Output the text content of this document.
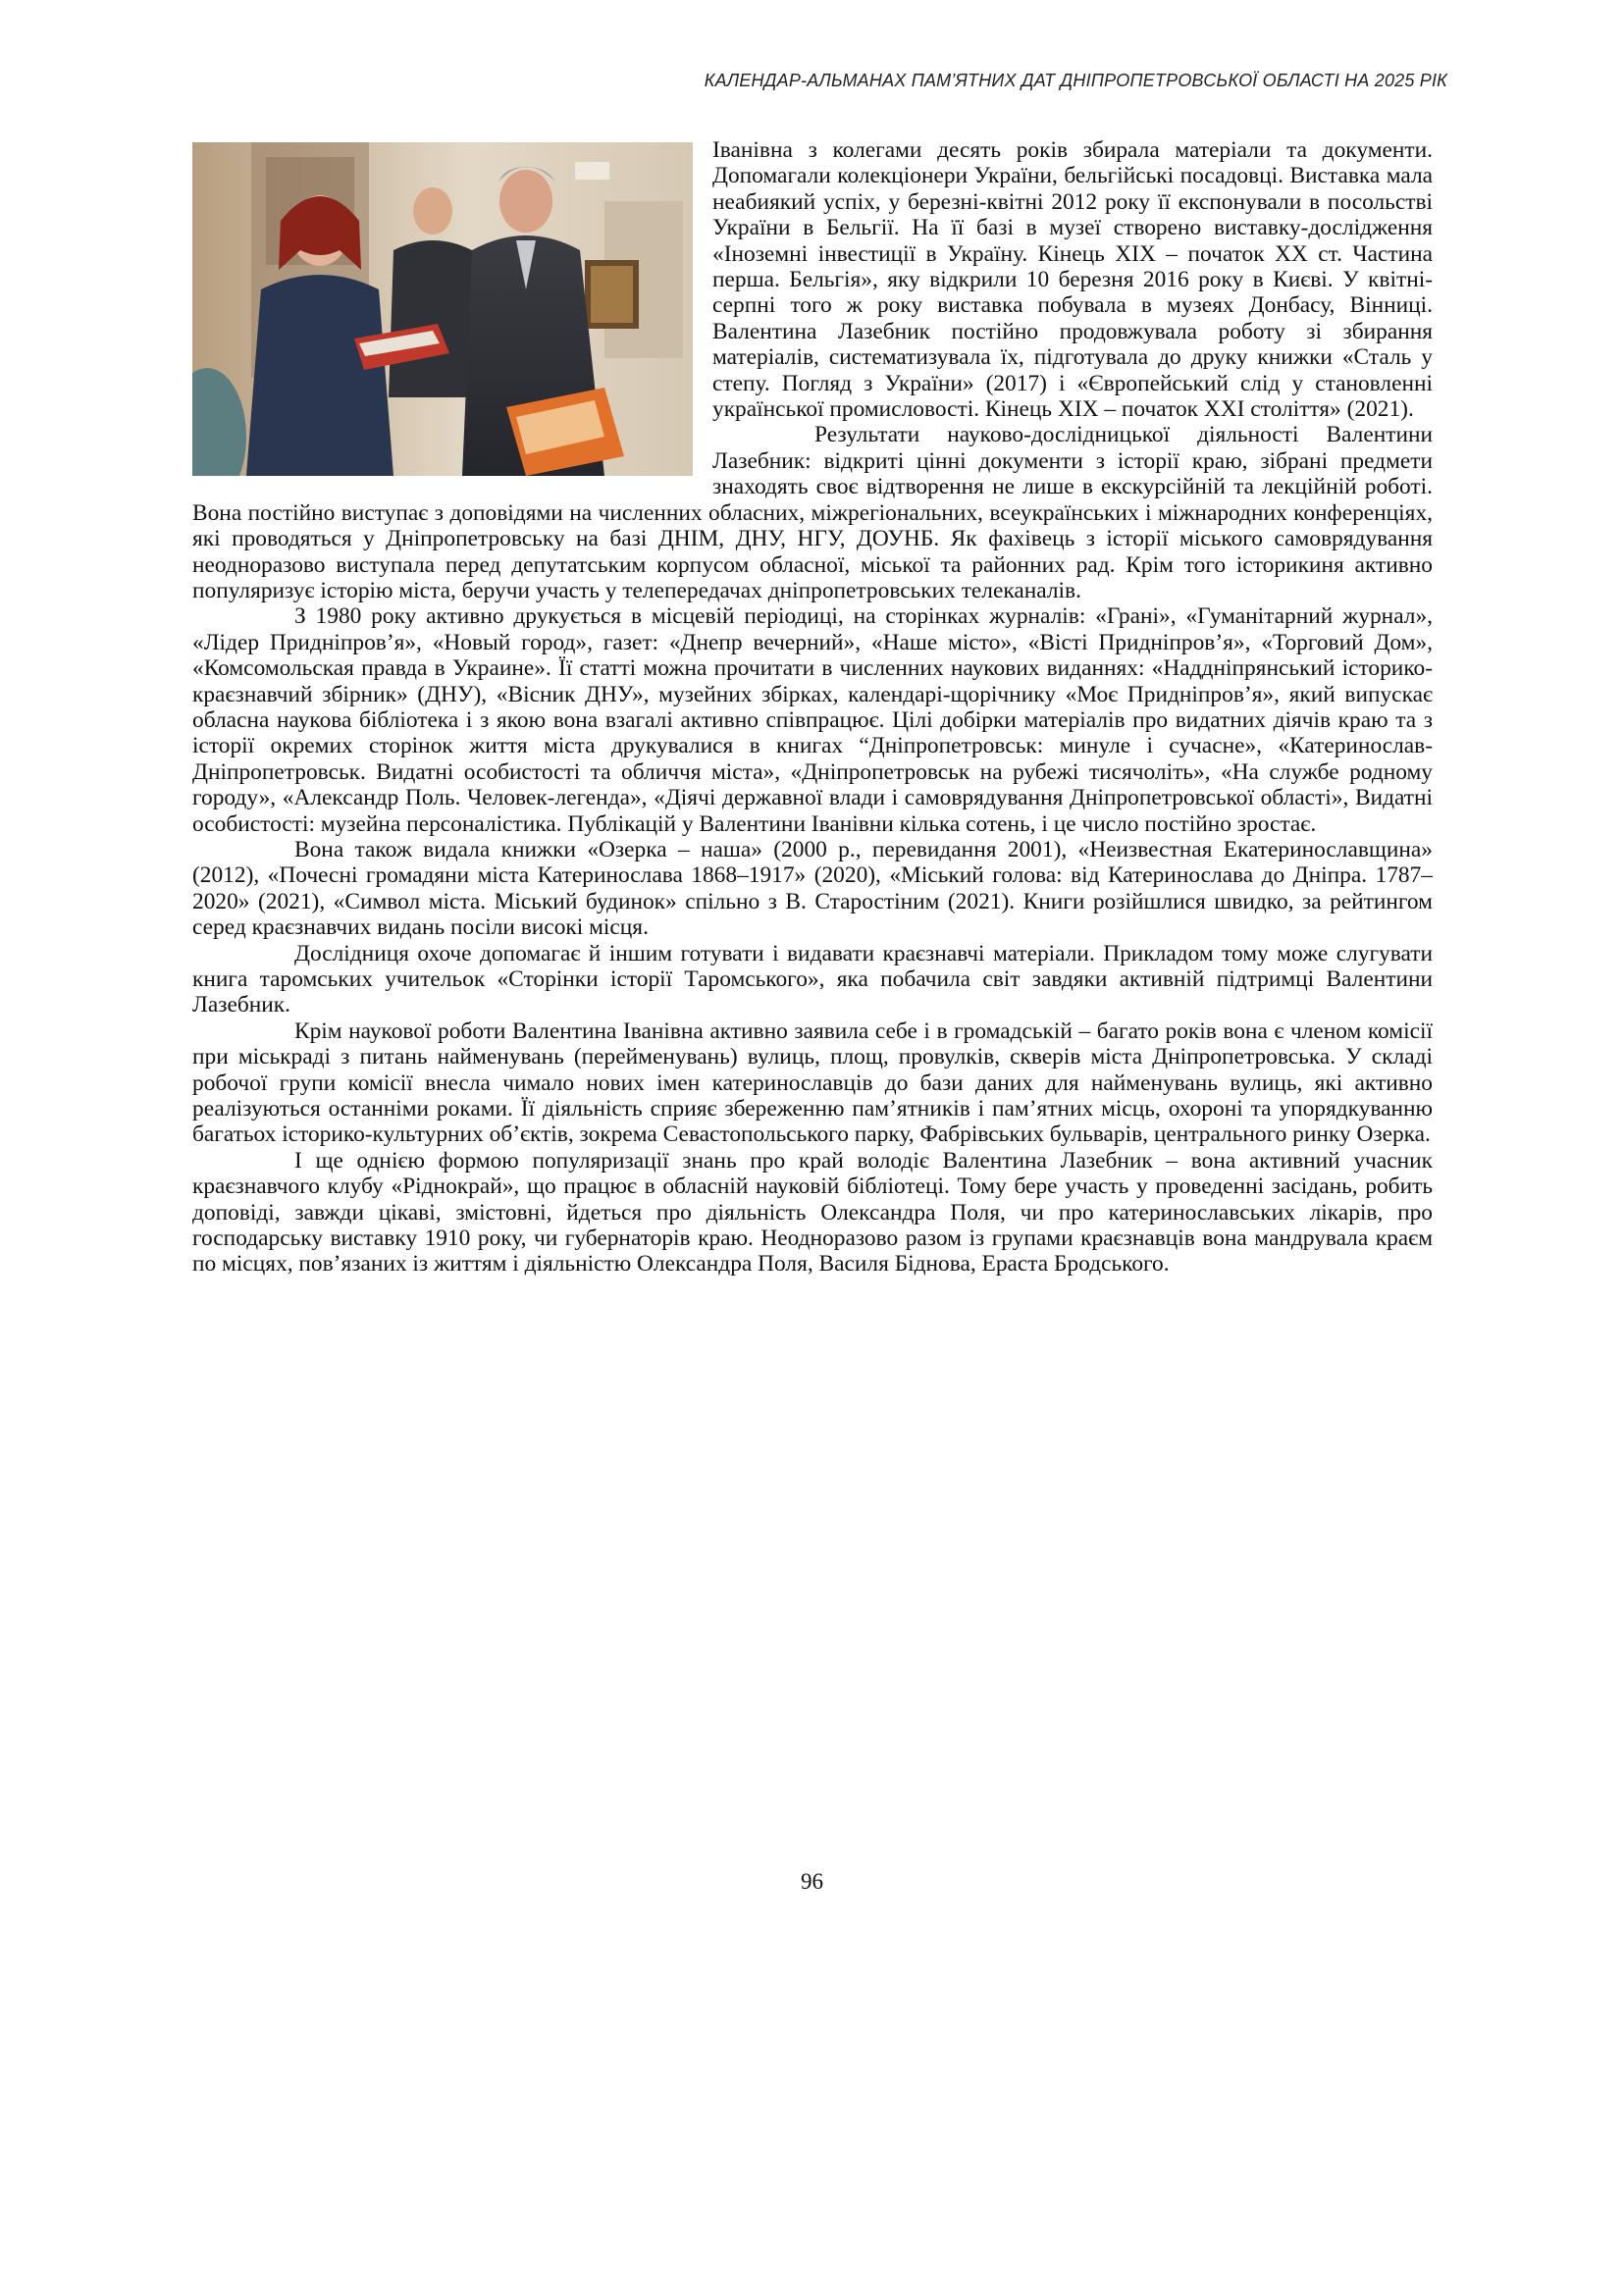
КАЛЕНДАР-АЛЬМАНАХ ПАМ’ЯТНИХ ДАТ ДНІПРОПЕТРОВСЬКОЇ ОБЛАСТІ НА 2025 РІК

Іванівна з колегами десять років збирала матеріали та документи. Допомагали колекціонери України, бельгійські посадовці. Виставка мала неабиякий успіх, у березні-квітні 2012 року її експонували в посольстві України в Бельгії. На її базі в музеї створено виставку-дослідження «Іноземні інвестиції в Україну. Кінець XIX – початок XX ст. Частина перша. Бельгія», яку відкрили 10 березня 2016 року в Києві. У квітні-серпні того ж року виставка побувала в музеях Донбасу, Вінниці. Валентина Лазебник постійно продовжувала роботу зі збирання матеріалів, систематизувала їх, підготувала до друку книжки «Сталь у степу. Погляд з України» (2017) і «Європейський слід у становленні української промисловості. Кінець XIX – початок XXI століття» (2021).

Результати науково-дослідницької діяльності Валентини Лазебник: відкриті цінні документи з історії краю, зібрані предмети знаходять своє відтворення не лише в екскурсійній та лекційній роботі. Вона постійно виступає з доповідями на численних обласних, міжрегіональних, всеукраїнських і міжнародних конференціях, які проводяться у Дніпропетровську на базі ДНІМ, ДНУ, НГУ, ДОУНБ. Як фахівець з історії міського самоврядування неодноразово виступала перед депутатським корпусом обласної, міської та районних рад. Крім того історикиня активно популяризує історію міста, беручи участь у телепередачах дніпропетровських телеканалів.

З 1980 року активно друкується в місцевій періодиці, на сторінках журналів: «Грані», «Гуманітарний журнал», «Лідер Придніпров’я», «Новый город», газет: «Днепр вечерний», «Наше місто», «Вісті Придніпров’я», «Торговий Дом», «Комсомольская правда в Украине». Її статті можна прочитати в численних наукових виданнях: «Наддніпрянський історико-краєзнавчий збірник» (ДНУ), «Вісник ДНУ», музейних збірках, календарі-щорічнику «Моє Придніпров’я», який випускає обласна наукова бібліотека і з якою вона взагалі активно співпрацює. Цілі добірки матеріалів про видатних діячів краю та з історії окремих сторінок життя міста друкувалися в книгах “Дніпропетровськ: минуле і сучасне», «Катеринослав-Дніпропетровськ. Видатні особистості та обличчя міста», «Дніпропетровськ на рубежі тисячоліть», «На службе родному городу», «Александр Поль. Человек-легенда», «Діячі державної влади і самоврядування Дніпропетровської області», Видатні особистості: музейна персоналістика. Публікацій у Валентини Іванівни кілька сотень, і це число постійно зростає.

Вона також видала книжки «Озерка – наша» (2000 р., перевидання 2001), «Неизвестная Екатеринославщина» (2012), «Почесні громадяни міста Катеринослава 1868–1917» (2020), «Міський голова: від Катеринослава до Дніпра. 1787–2020» (2021), «Символ міста. Міський будинок» спільно з В. Старостіним (2021). Книги розійшлися швидко, за рейтингом серед краєзнавчих видань посіли високі місця.

Дослідниця охоче допомагає й іншим готувати і видавати краєзнавчі матеріали. Прикладом тому може слугувати книга таромських учительок «Сторінки історії Таромського», яка побачила світ завдяки активній підтримці Валентини Лазебник.

Крім наукової роботи Валентина Іванівна активно заявила себе і в громадській – багато років вона є членом комісії при міськраді з питань найменувань (перейменувань) вулиць, площ, провулків, скверів міста Дніпропетровська. У складі робочої групи комісії внесла чимало нових імен катеринославців до бази даних для найменувань вулиць, які активно реалізуються останніми роками. Її діяльність сприяє збереженню пам’ятників і пам’ятних місць, охороні та упорядкуванню багатьох історико-культурних об’єктів, зокрема Севастопольського парку, Фабрівських бульварів, центрального ринку Озерка.

І ще однією формою популяризації знань про край володіє Валентина Лазебник – вона активний учасник краєзнавчого клубу «Ріднокрай», що працює в обласній науковій бібліотеці. Тому бере участь у проведенні засідань, робить доповіді, завжди цікаві, змістовні, йдеться про діяльність Олександра Поля, чи про катеринославських лікарів, про господарську виставку 1910 року, чи губернаторів краю. Неодноразово разом із групами краєзнавців вона мандрувала краєм по місцях, пов’язаних із життям і діяльністю Олександра Поля, Василя Біднова, Ераста Бродського.

96
